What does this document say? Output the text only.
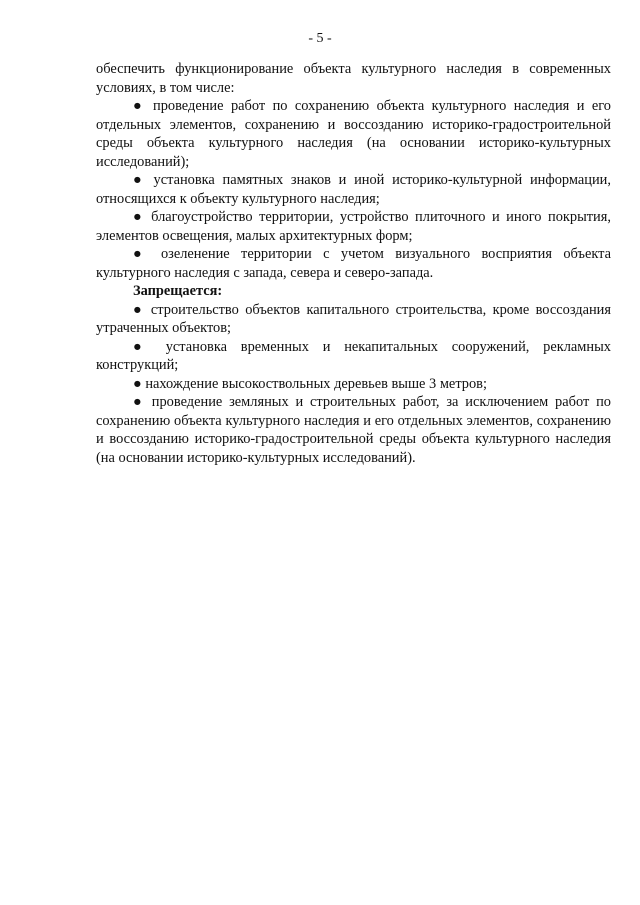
- 5 -

обеспечить функционирование объекта культурного наследия в современных условиях, в том числе:

● проведение работ по сохранению объекта культурного наследия и его отдельных элементов, сохранению и воссозданию историко-градостроительной среды объекта культурного наследия (на основании историко-культурных исследований);

● установка памятных знаков и иной историко-культурной информации, относящихся к объекту культурного наследия;

● благоустройство территории, устройство плиточного и иного покрытия, элементов освещения, малых архитектурных форм;

● озеленение территории с учетом визуального восприятия объекта культурного наследия с запада, севера и северо-запада.

Запрещается:

● строительство объектов капитального строительства, кроме воссоздания утраченных объектов;

● установка временных и некапитальных сооружений, рекламных конструкций;

● нахождение высокоствольных деревьев выше 3 метров;

● проведение земляных и строительных работ, за исключением работ по сохранению объекта культурного наследия и его отдельных элементов, сохранению и воссозданию историко-градостроительной среды объекта культурного наследия (на основании историко-культурных исследований).
